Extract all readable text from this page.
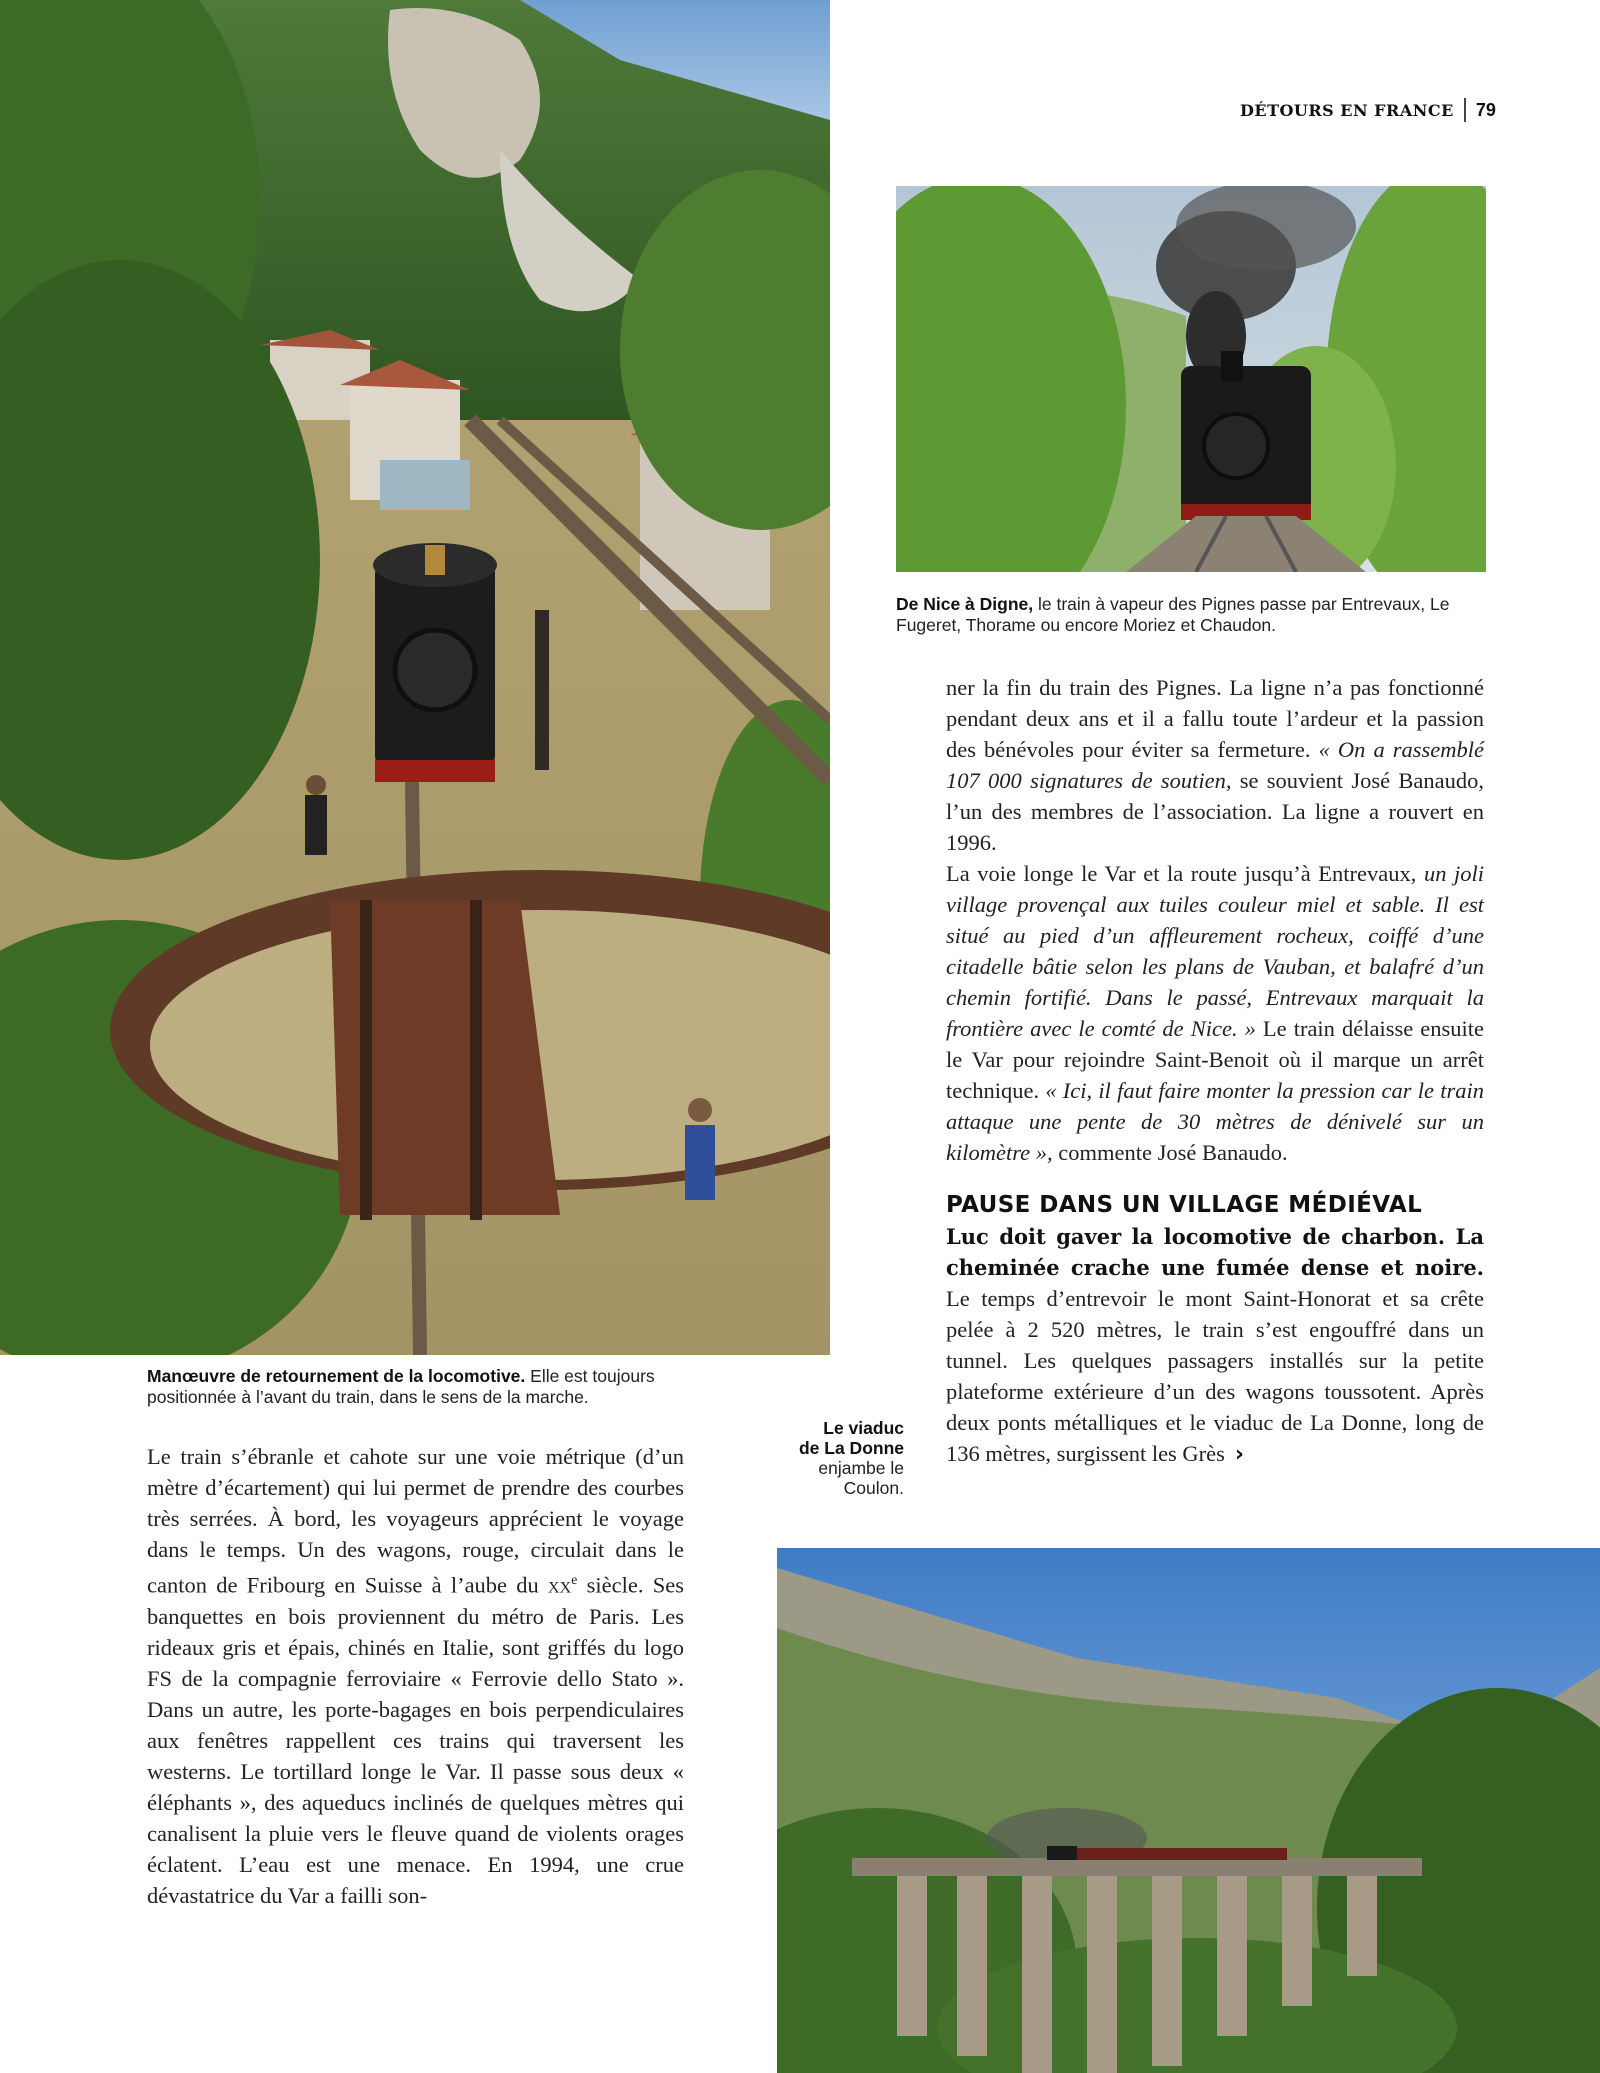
DÉTOURS EN FRANCE 79
De Nice à Digne, le train à vapeur des Pignes passe par Entrevaux, Le Fugeret, Thorame ou encore Moriez et Chaudon.
Manœuvre de retournement de la locomotive. Elle est toujours positionnée à l’avant du train, dans le sens de la marche.

ner la fin du train des Pignes. La ligne n’a pas fonctionné pendant deux ans et il a fallu toute l’ardeur et la passion des bénévoles pour éviter sa fermeture. « On a rassemblé 107 000 signatures de soutien, se souvient José Banaudo, l’un des membres de l’association. La ligne a rouvert en 1996.

La voie longe le Var et la route jusqu’à Entrevaux, un joli village provençal aux tuiles couleur miel et sable. Il est situé au pied d’un affleurement rocheux, coiffé d’une citadelle bâtie selon les plans de Vauban, et balafré d’un chemin fortifié. Dans le passé, Entrevaux marquait la frontière avec le comté de Nice. » Le train délaisse ensuite le Var pour rejoindre Saint-Benoit où il marque un arrêt technique. « Ici, il faut faire monter la pression car le train attaque une pente de 30 mètres de dénivelé sur un kilomètre », commente José Banaudo.

PAUSE DANS UN VILLAGE MÉDIÉVAL

Luc doit gaver la locomotive de charbon. La cheminée crache une fumée dense et noire. Le temps d’entrevoir le mont Saint-Honorat et sa crête pelée à 2 520 mètres, le train s’est engouffré dans un tunnel. Les quelques passagers installés sur la petite plateforme extérieure d’un des wagons toussotent. Après deux ponts métalliques et le viaduc de La Donne, long de 136 mètres, surgissent les Grès ›

Le viaduc
de La Donne
enjambe le
Coulon.

Le train s’ébranle et cahote sur une voie métrique (d’un mètre d’écartement) qui lui permet de prendre des courbes très serrées. À bord, les voyageurs apprécient le voyage dans le temps. Un des wagons, rouge, circulait dans le canton de Fribourg en Suisse à l’aube du $xx^e$ siècle. Ses banquettes en bois proviennent du métro de Paris. Les rideaux gris et épais, chinés en Italie, sont griffés du logo FS de la compagnie ferroviaire « Ferrovie dello Stato ». Dans un autre, les porte-bagages en bois perpendiculaires aux fenêtres rappellent ces trains qui traversent les westerns. Le tortillard longe le Var. Il passe sous deux « éléphants », des aqueducs inclinés de quelques mètres qui canalisent la pluie vers le fleuve quand de violents orages éclatent. L’eau est une menace. En 1994, une crue dévastatrice du Var a failli son-
